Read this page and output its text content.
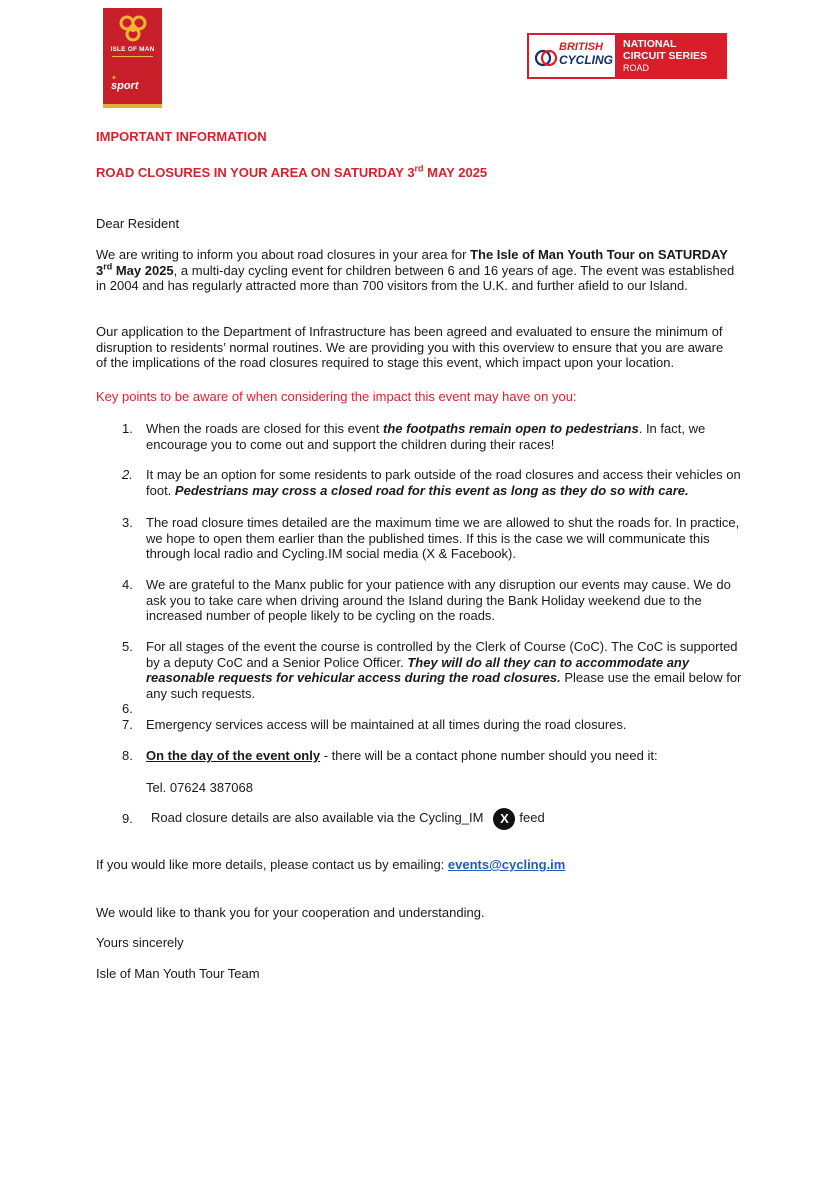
ISLE OF MAN
✦
sport
BRITISH
CYCLING
NATIONAL
CIRCUIT SERIES
ROAD

IMPORTANT INFORMATION

ROAD CLOSURES IN YOUR AREA ON SATURDAY 3rd MAY 2025

Dear Resident

We are writing to inform you about road closures in your area for The Isle of Man Youth Tour on SATURDAY 3rd May 2025, a multi-day cycling event for children between 6 and 16 years of age. The event was established in 2004 and has regularly attracted more than 700 visitors from the U.K. and further afield to our Island.

Our application to the Department of Infrastructure has been agreed and evaluated to ensure the minimum of disruption to residents’ normal routines. We are providing you with this overview to ensure that you are aware of the implications of the road closures required to stage this event, which impact upon your location.

Key points to be aware of when considering the impact this event may have on you:

1. When the roads are closed for this event the footpaths remain open to pedestrians. In fact, we encourage you to come out and support the children during their races!

2. It may be an option for some residents to park outside of the road closures and access their vehicles on foot. Pedestrians may cross a closed road for this event as long as they do so with care.

3. The road closure times detailed are the maximum time we are allowed to shut the roads for. In practice, we hope to open them earlier than the published times. If this is the case we will communicate this through local radio and Cycling.IM social media (X & Facebook).

4. We are grateful to the Manx public for your patience with any disruption our events may cause. We do ask you to take care when driving around the Island during the Bank Holiday weekend due to the increased number of people likely to be cycling on the roads.

5. For all stages of the event the course is controlled by the Clerk of Course (CoC). The CoC is supported by a deputy CoC and a Senior Police Officer. They will do all they can to accommodate any reasonable requests for vehicular access during the road closures. Please use the email below for any such requests.

6.
7. Emergency services access will be maintained at all times during the road closures.

8. On the day of the event only - there will be a contact phone number should you need it:

Tel. 07624 387068

9. Road closure details are also available via the Cycling_IM X feed

If you would like more details, please contact us by emailing: events@cycling.im

We would like to thank you for your cooperation and understanding.

Yours sincerely

Isle of Man Youth Tour Team
